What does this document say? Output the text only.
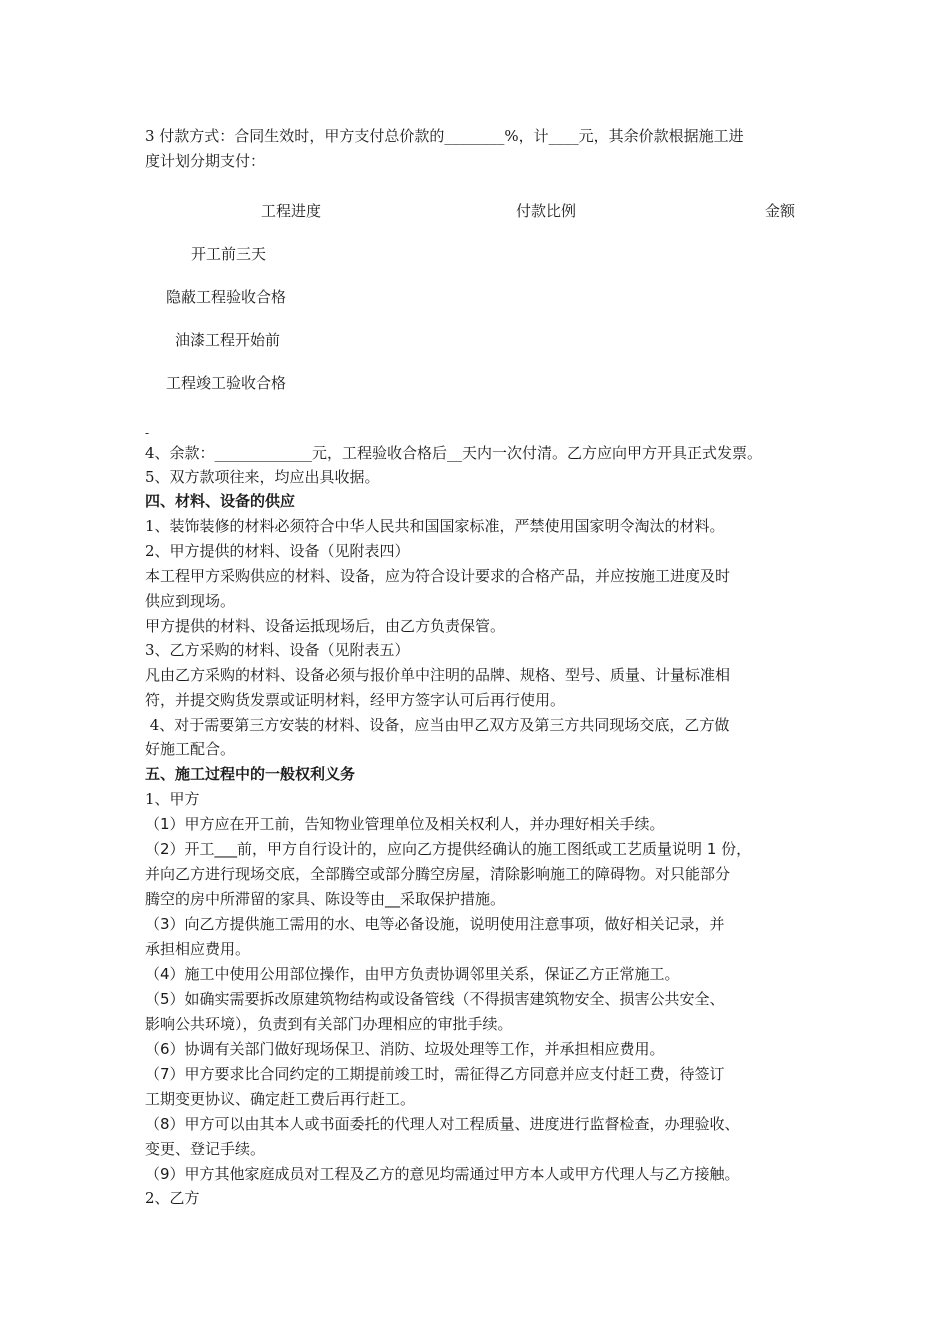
3 付款方式：合同生效时，甲方支付总价款的________%，计____元，其余价款根据施工进
度计划分期支付：
工程进度	付款比例	金额
开工前三天
隐蔽工程验收合格
油漆工程开始前
工程竣工验收合格
-
4、余款：_____________元，工程验收合格后__天内一次付清。乙方应向甲方开具正式发票。
5、双方款项往来，均应出具收据。
四、材料、设备的供应
1、装饰装修的材料必须符合中华人民共和国国家标准，严禁使用国家明令淘汰的材料。
2、甲方提供的材料、设备（见附表四）
本工程甲方采购供应的材料、设备，应为符合设计要求的合格产品，并应按施工进度及时
供应到现场。
甲方提供的材料、设备运抵现场后，由乙方负责保管。
3、乙方采购的材料、设备（见附表五）
凡由乙方采购的材料、设备必须与报价单中注明的品牌、规格、型号、质量、计量标准相
符，并提交购货发票或证明材料，经甲方签字认可后再行使用。
4、对于需要第三方安装的材料、设备，应当由甲乙双方及第三方共同现场交底，乙方做
好施工配合。
五、施工过程中的一般权利义务
1、甲方
（1）甲方应在开工前，告知物业管理单位及相关权利人，并办理好相关手续。
（2）开工___前，甲方自行设计的，应向乙方提供经确认的施工图纸或工艺质量说明 1 份，
并向乙方进行现场交底，全部腾空或部分腾空房屋，清除影响施工的障碍物。对只能部分
腾空的房中所滞留的家具、陈设等由__采取保护措施。
（3）向乙方提供施工需用的水、电等必备设施，说明使用注意事项，做好相关记录，并
承担相应费用。
（4）施工中使用公用部位操作，由甲方负责协调邻里关系，保证乙方正常施工。
（5）如确实需要拆改原建筑物结构或设备管线（不得损害建筑物安全、损害公共安全、
影响公共环境），负责到有关部门办理相应的审批手续。
（6）协调有关部门做好现场保卫、消防、垃圾处理等工作，并承担相应费用。
（7）甲方要求比合同约定的工期提前竣工时，需征得乙方同意并应支付赶工费，待签订
工期变更协议、确定赶工费后再行赶工。
（8）甲方可以由其本人或书面委托的代理人对工程质量、进度进行监督检查，办理验收、
变更、登记手续。
（9）甲方其他家庭成员对工程及乙方的意见均需通过甲方本人或甲方代理人与乙方接触。
2、乙方
